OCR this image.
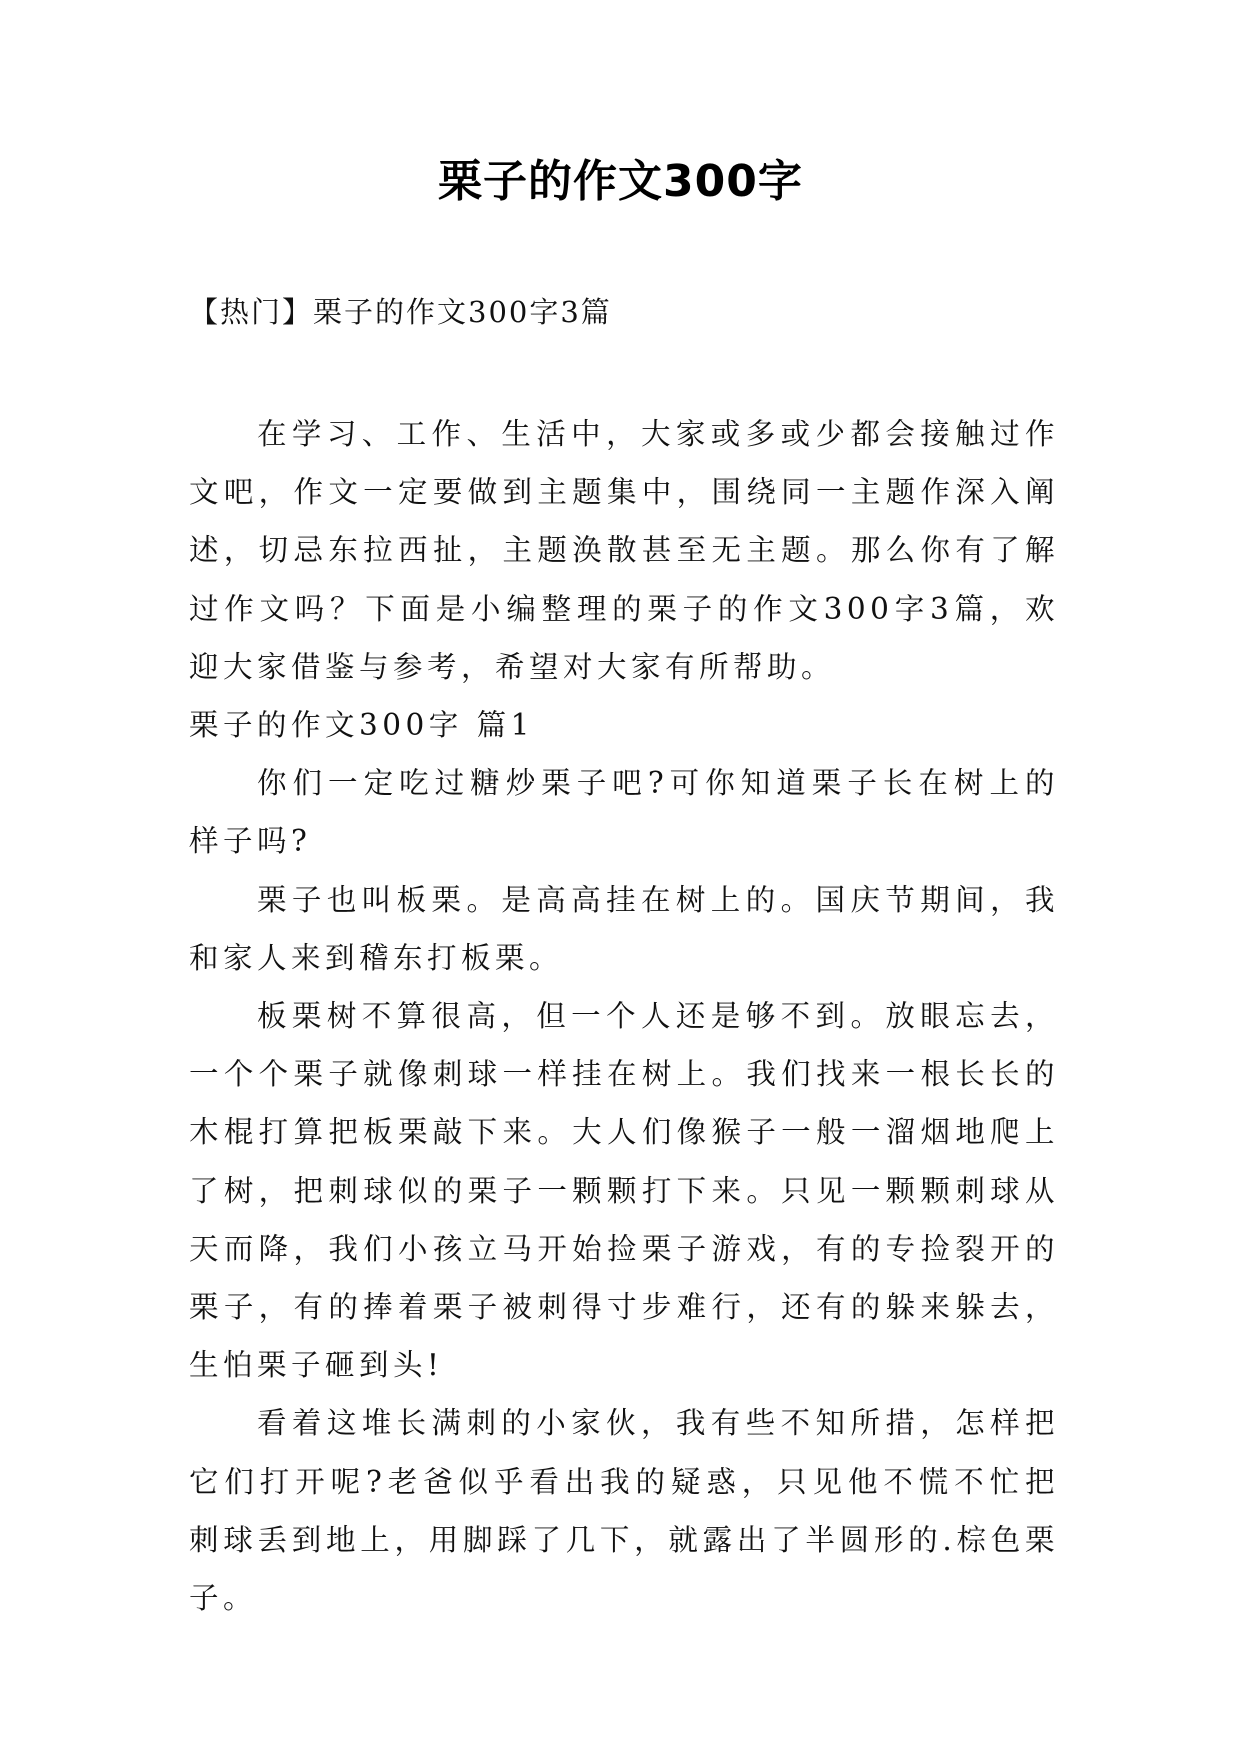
栗子的作文300字
【热门】栗子的作文300字3篇

在学习、工作、生活中，大家或多或少都会接触过作文吧，作文一定要做到主题集中，围绕同一主题作深入阐述，切忌东拉西扯，主题涣散甚至无主题。那么你有了解过作文吗？下面是小编整理的栗子的作文300字3篇，欢迎大家借鉴与参考，希望对大家有所帮助。

栗子的作文300字 篇1

你们一定吃过糖炒栗子吧?可你知道栗子长在树上的样子吗?

栗子也叫板栗。是高高挂在树上的。国庆节期间，我和家人来到稽东打板栗。

板栗树不算很高，但一个人还是够不到。放眼忘去，一个个栗子就像刺球一样挂在树上。我们找来一根长长的木棍打算把板栗敲下来。大人们像猴子一般一溜烟地爬上了树，把刺球似的栗子一颗颗打下来。只见一颗颗刺球从天而降，我们小孩立马开始捡栗子游戏，有的专捡裂开的栗子，有的捧着栗子被刺得寸步难行，还有的躲来躲去，生怕栗子砸到头!

看着这堆长满刺的小家伙，我有些不知所措，怎样把它们打开呢?老爸似乎看出我的疑惑，只见他不慌不忙把刺球丢到地上，用脚踩了几下，就露出了半圆形的.棕色栗子。
